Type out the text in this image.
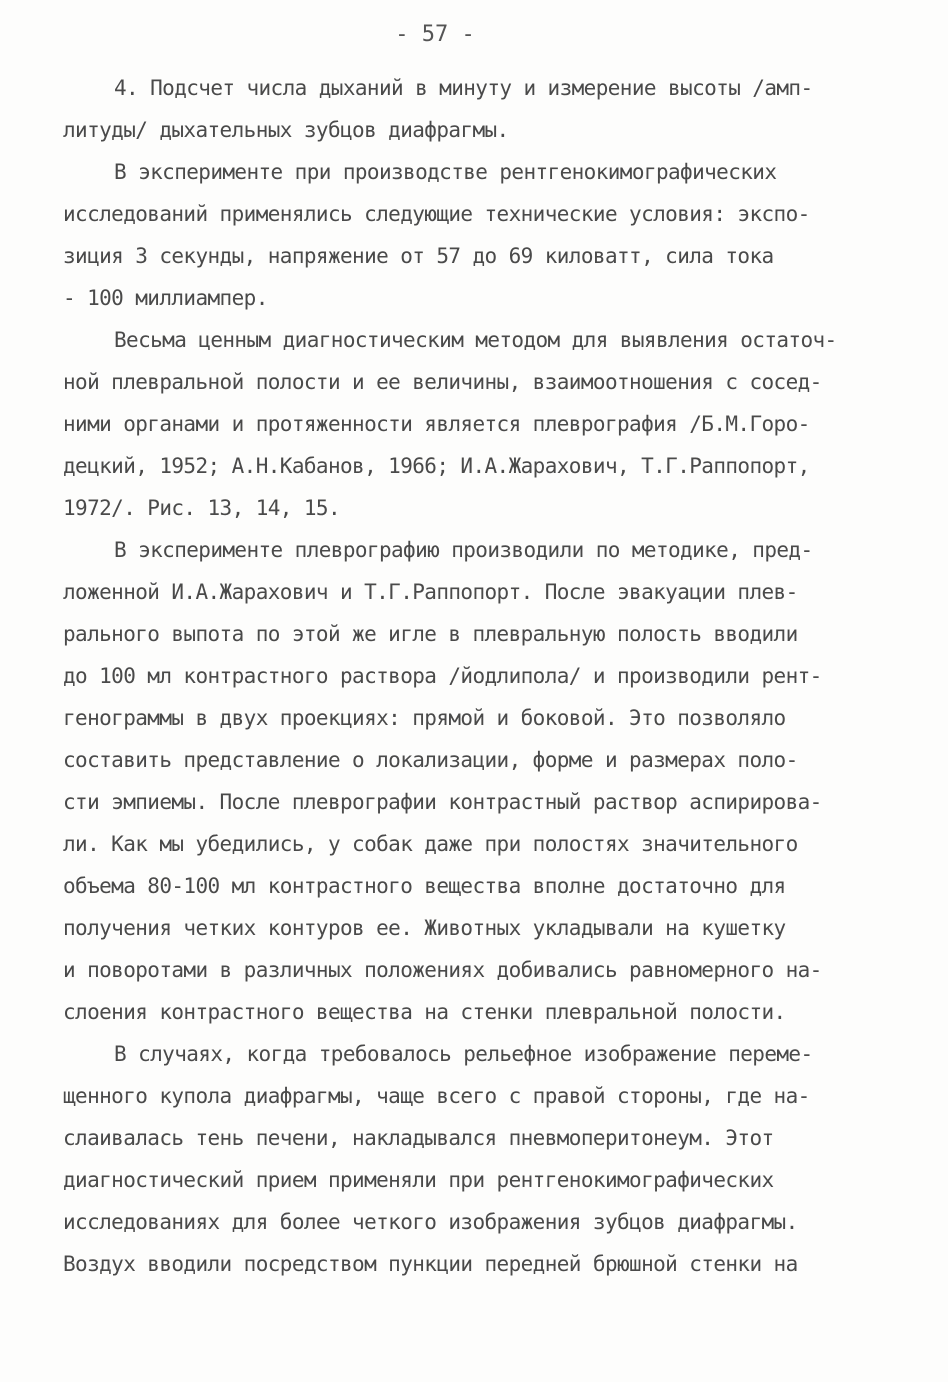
- 57 -
4. Подсчет числа дыханий в минуту и измерение высоты /амп-
литуды/ дыхательных зубцов диафрагмы.
В эксперименте при производстве рентгенокимографических
исследований применялись следующие технические условия: экспо-
зиция 3 секунды, напряжение от 57 до 69 киловатт, сила тока
- 100 миллиампер.
Весьма ценным диагностическим методом для выявления остаточ-
ной плевральной полости и ее величины, взаимоотношения с сосед-
ними органами и протяженности является плеврография /Б.М.Горо-
децкий, 1952; А.Н.Кабанов, 1966; И.А.Жарахович, Т.Г.Раппопорт,
1972/. Рис. 13, 14, 15.
В эксперименте плеврографию производили по методике, пред-
ложенной И.А.Жарахович и Т.Г.Раппопорт. После эвакуации плев-
рального выпота по этой же игле в плевральную полость вводили
до 100 мл контрастного раствора /йодлипола/ и производили рент-
генограммы в двух проекциях: прямой и боковой. Это позволяло
составить представление о локализации, форме и размерах поло-
сти эмпиемы. После плеврографии контрастный раствор аспирирова-
ли. Как мы убедились, у собак даже при полостях значительного
объема 80-100 мл контрастного вещества вполне достаточно для
получения четких контуров ее. Животных укладывали на кушетку
и поворотами в различных положениях добивались равномерного на-
слоения контрастного вещества на стенки плевральной полости.
В случаях, когда требовалось рельефное изображение переме-
щенного купола диафрагмы, чаще всего с правой стороны, где на-
слаивалась тень печени, накладывался пневмоперитонеум. Этот
диагностический прием применяли при рентгенокимографических
исследованиях для более четкого изображения зубцов диафрагмы.
Воздух вводили посредством пункции передней брюшной стенки на
